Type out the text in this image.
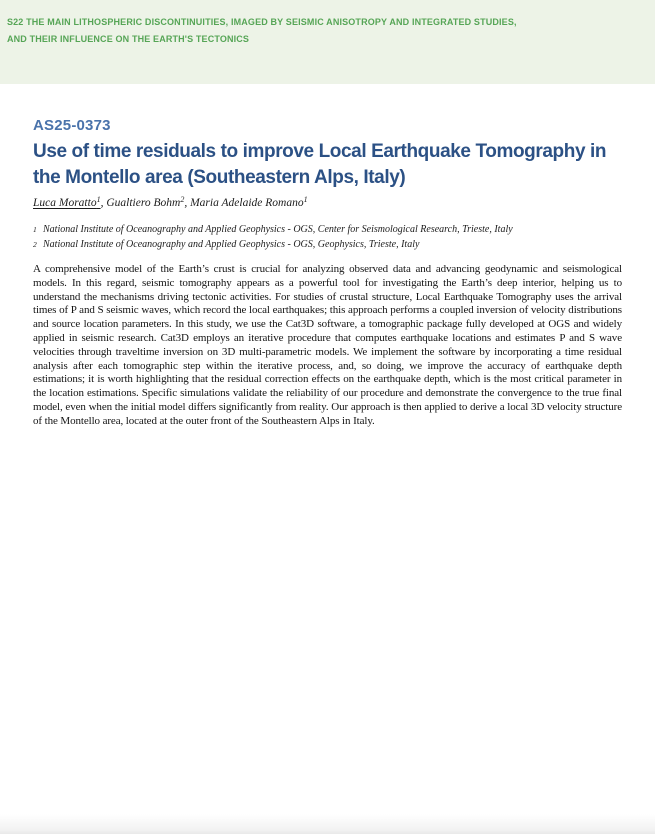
S22 THE MAIN LITHOSPHERIC DISCONTINUITIES, IMAGED BY SEISMIC ANISOTROPY AND INTEGRATED STUDIES,
AND THEIR INFLUENCE ON THE EARTH'S TECTONICS
AS25-0373
Use of time residuals to improve Local Earthquake Tomography in the Montello area (Southeastern Alps, Italy)

Luca Moratto$^1$, Gualtiero Bohm$^2$, Maria Adelaide Romano$^1$

1 National Institute of Oceanography and Applied Geophysics - OGS, Center for Seismological Research, Trieste, Italy
2 National Institute of Oceanography and Applied Geophysics - OGS, Geophysics, Trieste, Italy

A comprehensive model of the Earth’s crust is crucial for analyzing observed data and advancing geodynamic and seismological models. In this regard, seismic tomography appears as a powerful tool for investigating the Earth’s deep interior, helping us to understand the mechanisms driving tectonic activities. For studies of crustal structure, Local Earthquake Tomography uses the arrival times of P and S seismic waves, which record the local earthquakes; this approach performs a coupled inversion of velocity distributions and source location parameters. In this study, we use the Cat3D software, a tomographic package fully developed at OGS and widely applied in seismic research. Cat3D employs an iterative procedure that computes earthquake locations and estimates P and S wave velocities through traveltime inversion on 3D multi-parametric models. We implement the software by incorporating a time residual analysis after each tomographic step within the iterative process, and, so doing, we improve the accuracy of earthquake depth estimations; it is worth highlighting that the residual correction effects on the earthquake depth, which is the most critical parameter in the location estimations. Specific simulations validate the reliability of our procedure and demonstrate the convergence to the true final model, even when the initial model differs significantly from reality. Our approach is then applied to derive a local 3D velocity structure of the Montello area, located at the outer front of the Southeastern Alps in Italy.
